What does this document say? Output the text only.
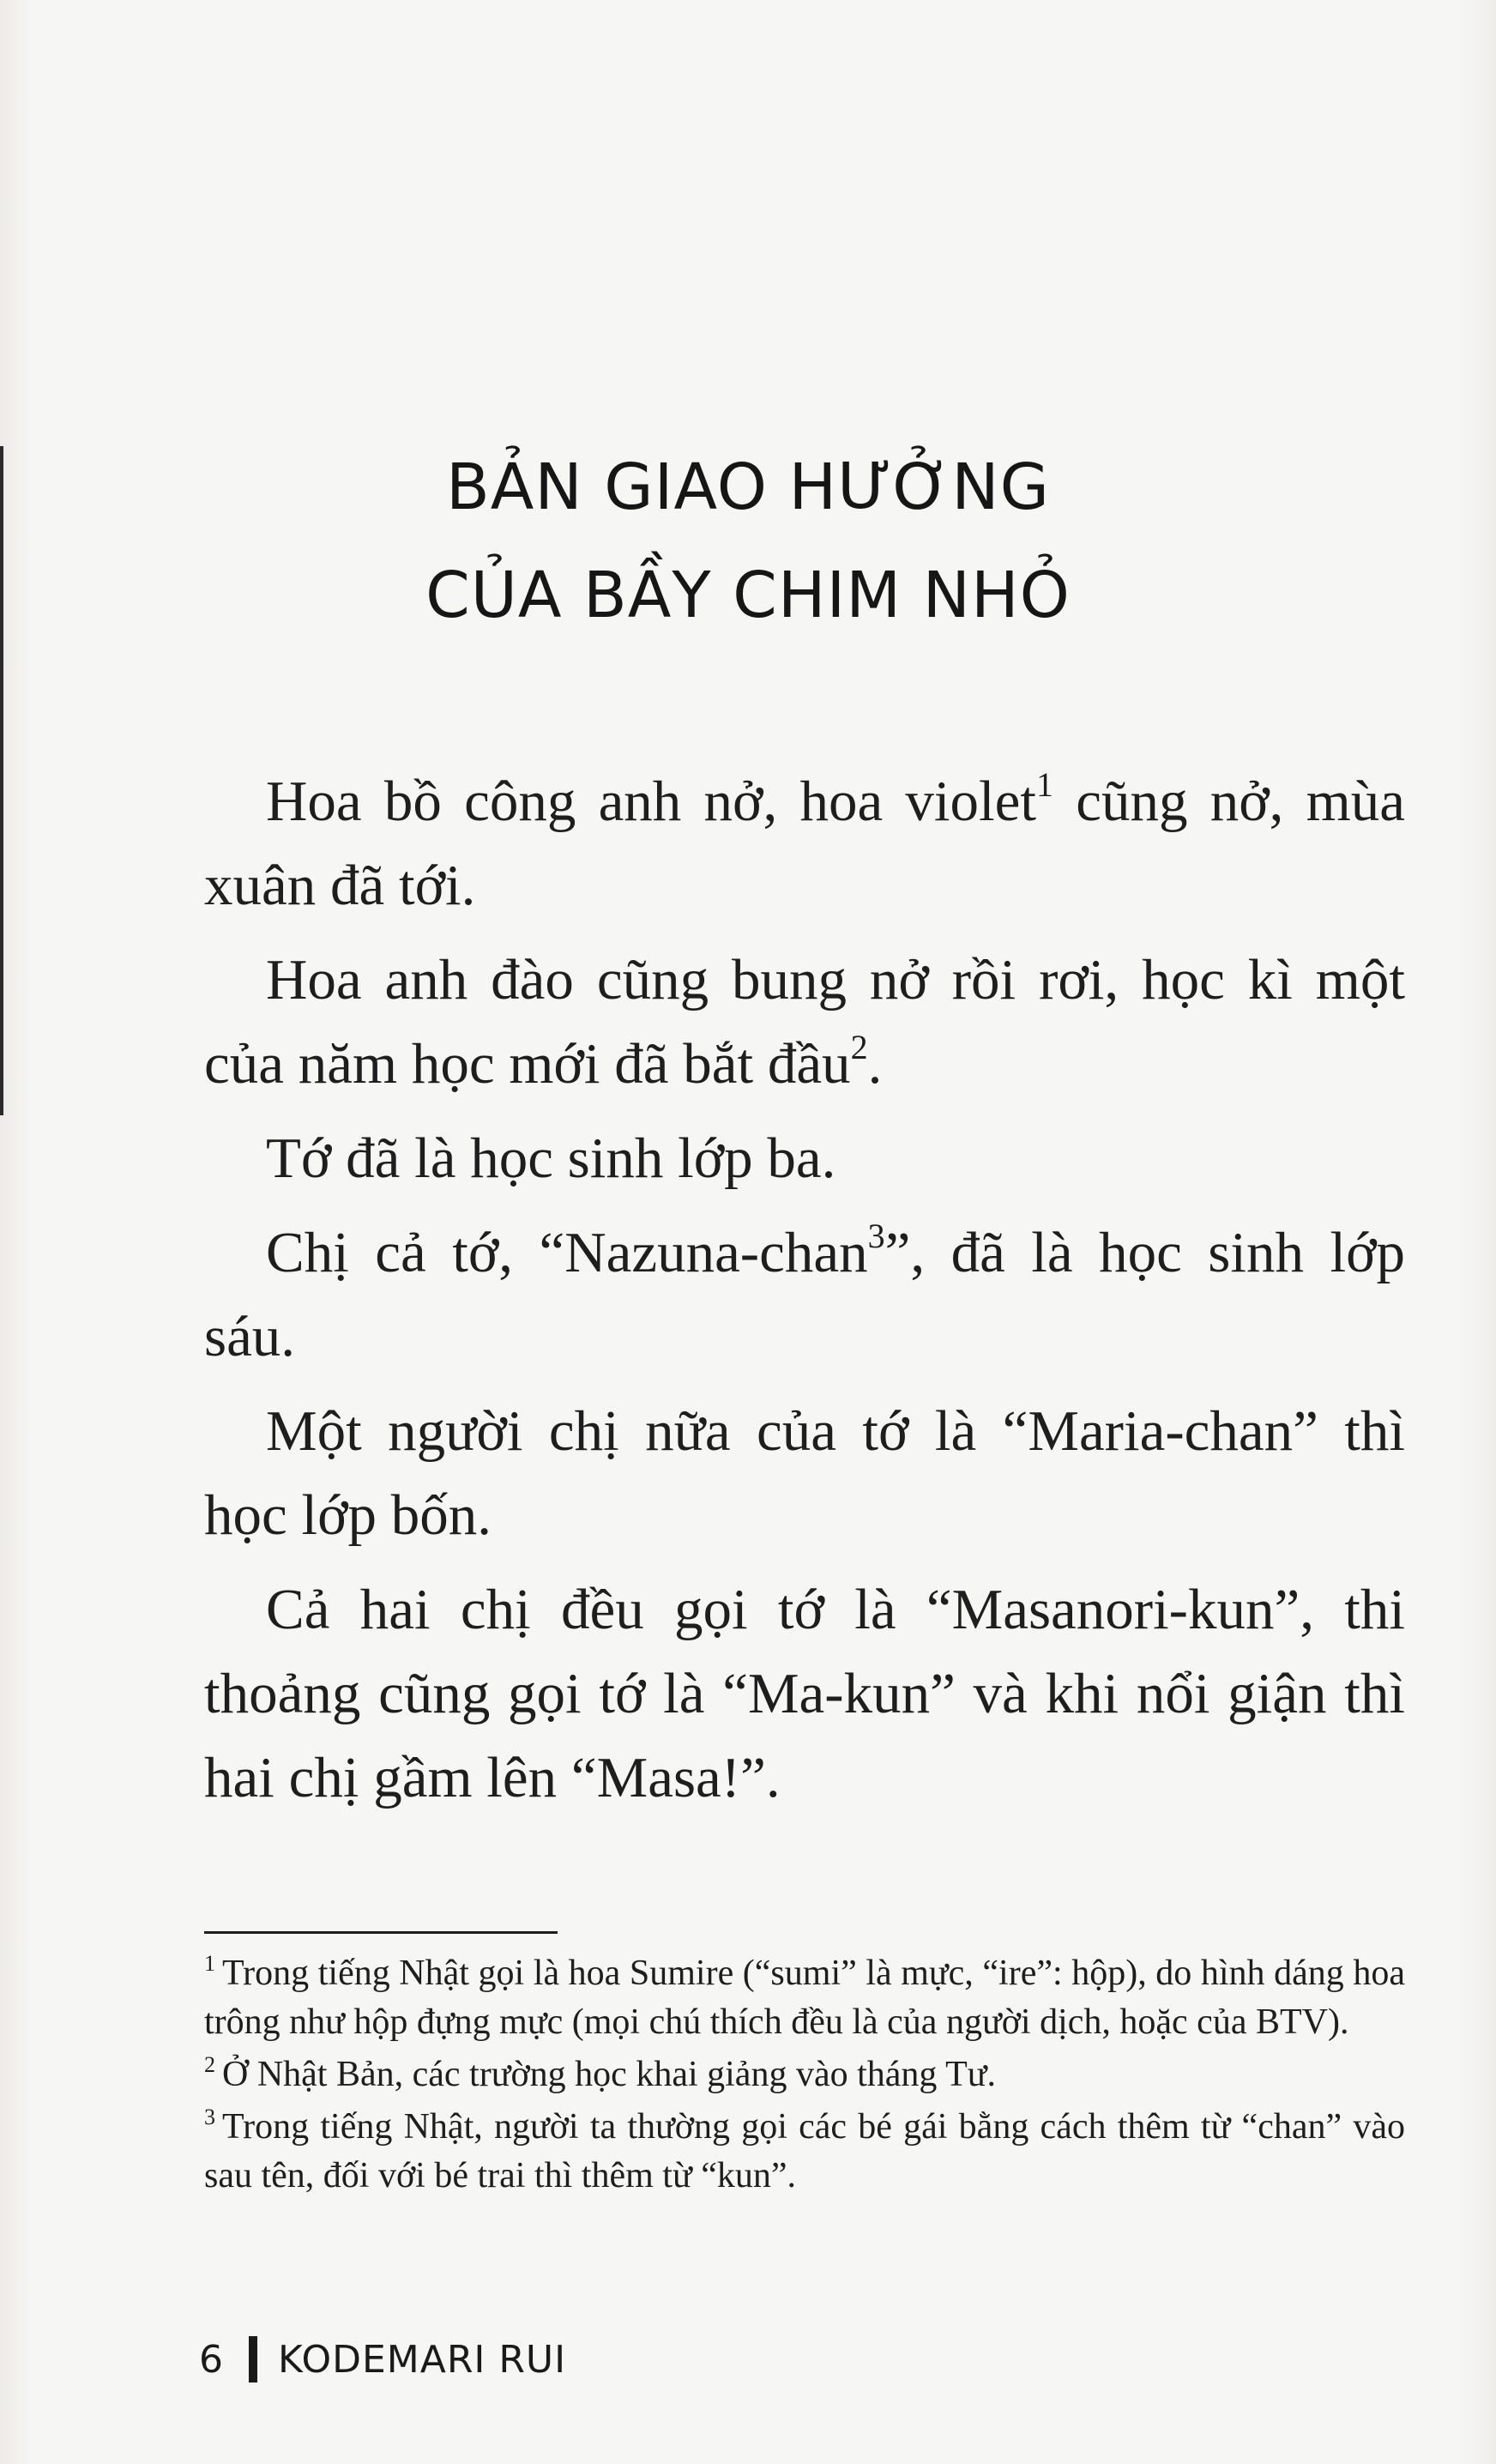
BẢN GIAO HƯỞNG
CỦA BẦY CHIM NHỎ

Hoa bồ công anh nở, hoa violet$^1$ cũng nở, mùa xuân đã tới.

Hoa anh đào cũng bung nở rồi rơi, học kì một của năm học mới đã bắt đầu$^2$.

Tớ đã là học sinh lớp ba.

Chị cả tớ, “Nazuna-chan$^3$”, đã là học sinh lớp sáu.

Một người chị nữa của tớ là “Maria-chan” thì học lớp bốn.

Cả hai chị đều gọi tớ là “Masanori-kun”, thi thoảng cũng gọi tớ là “Ma-kun” và khi nổi giận thì hai chị gầm lên “Masa!”.

$^1$ Trong tiếng Nhật gọi là hoa Sumire (“sumi” là mực, “ire”: hộp), do hình dáng hoa trông như hộp đựng mực (mọi chú thích đều là của người dịch, hoặc của BTV).

$^2$ Ở Nhật Bản, các trường học khai giảng vào tháng Tư.

$^3$ Trong tiếng Nhật, người ta thường gọi các bé gái bằng cách thêm từ “chan” vào sau tên, đối với bé trai thì thêm từ “kun”.

6 KODEMARI RUI
